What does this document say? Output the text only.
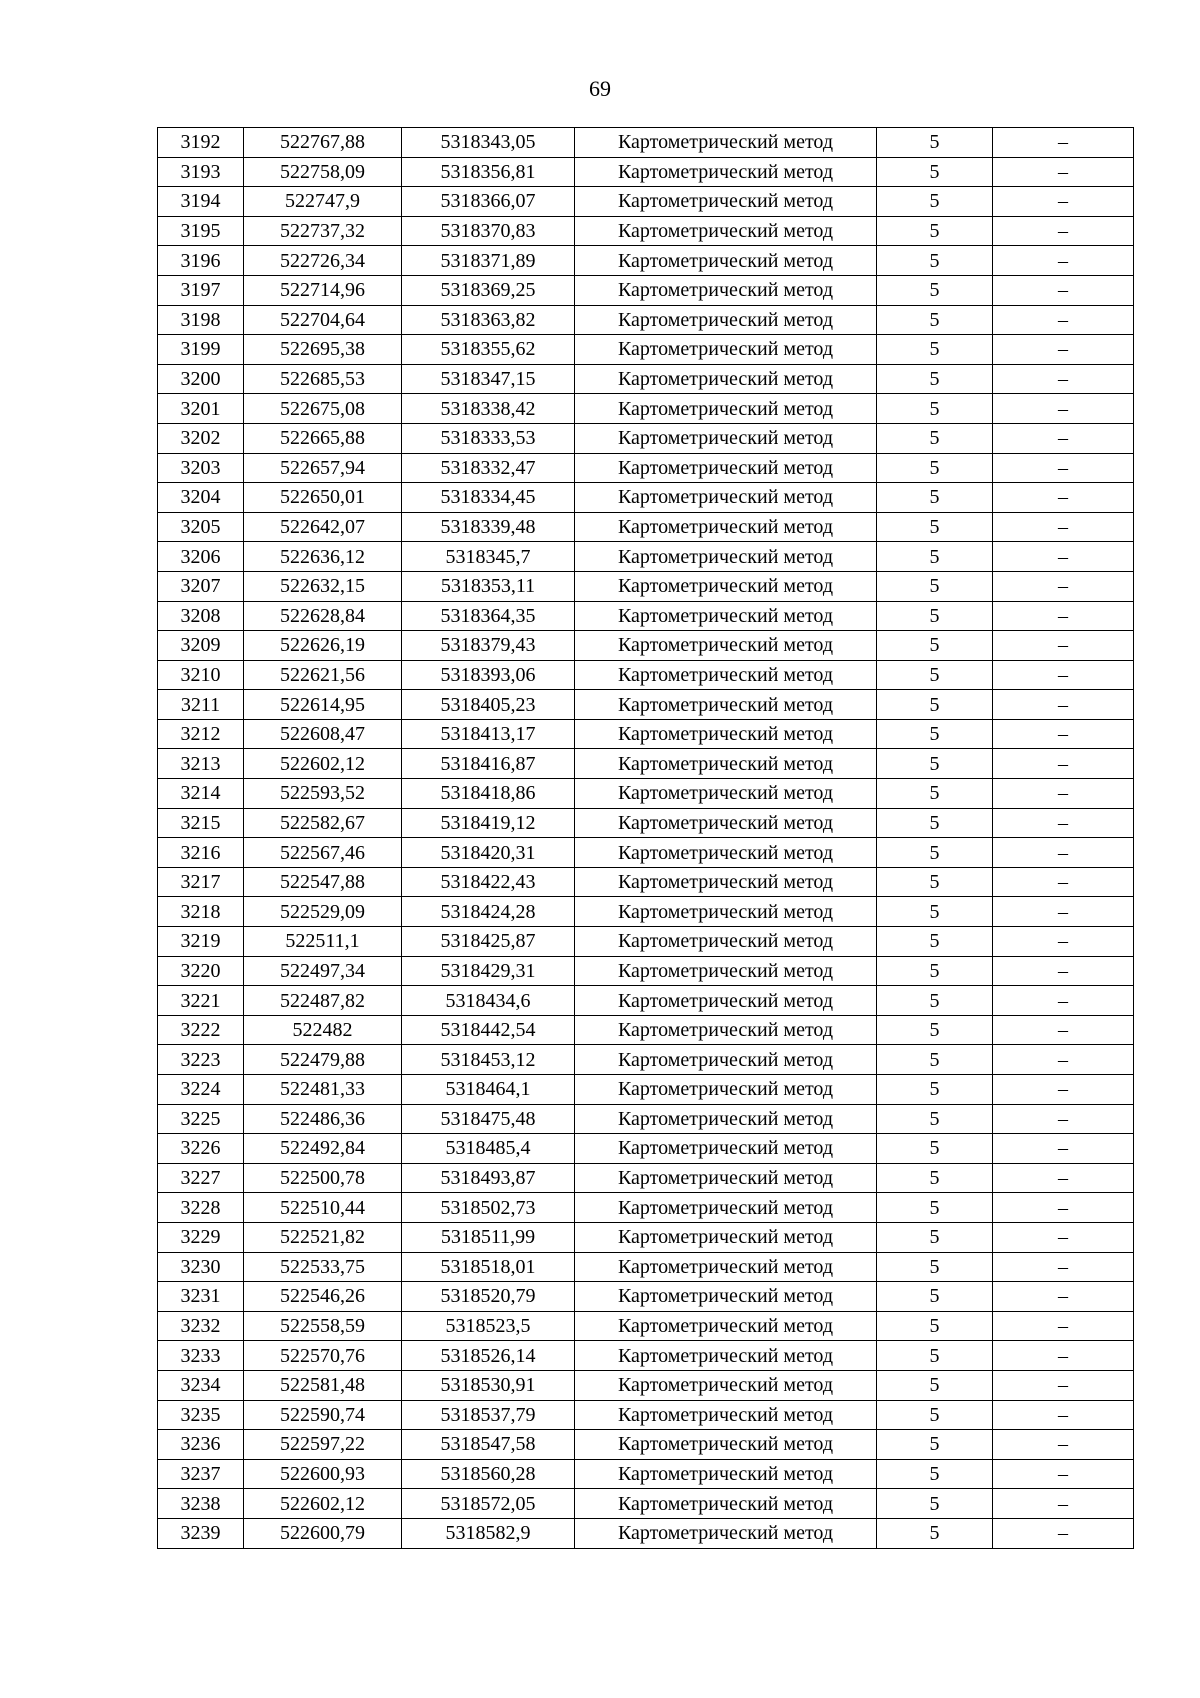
69
3192	522767,88	5318343,05	Картометрический метод	5	–
3193	522758,09	5318356,81	Картометрический метод	5	–
3194	522747,9	5318366,07	Картометрический метод	5	–
3195	522737,32	5318370,83	Картометрический метод	5	–
3196	522726,34	5318371,89	Картометрический метод	5	–
3197	522714,96	5318369,25	Картометрический метод	5	–
3198	522704,64	5318363,82	Картометрический метод	5	–
3199	522695,38	5318355,62	Картометрический метод	5	–
3200	522685,53	5318347,15	Картометрический метод	5	–
3201	522675,08	5318338,42	Картометрический метод	5	–
3202	522665,88	5318333,53	Картометрический метод	5	–
3203	522657,94	5318332,47	Картометрический метод	5	–
3204	522650,01	5318334,45	Картометрический метод	5	–
3205	522642,07	5318339,48	Картометрический метод	5	–
3206	522636,12	5318345,7	Картометрический метод	5	–
3207	522632,15	5318353,11	Картометрический метод	5	–
3208	522628,84	5318364,35	Картометрический метод	5	–
3209	522626,19	5318379,43	Картометрический метод	5	–
3210	522621,56	5318393,06	Картометрический метод	5	–
3211	522614,95	5318405,23	Картометрический метод	5	–
3212	522608,47	5318413,17	Картометрический метод	5	–
3213	522602,12	5318416,87	Картометрический метод	5	–
3214	522593,52	5318418,86	Картометрический метод	5	–
3215	522582,67	5318419,12	Картометрический метод	5	–
3216	522567,46	5318420,31	Картометрический метод	5	–
3217	522547,88	5318422,43	Картометрический метод	5	–
3218	522529,09	5318424,28	Картометрический метод	5	–
3219	522511,1	5318425,87	Картометрический метод	5	–
3220	522497,34	5318429,31	Картометрический метод	5	–
3221	522487,82	5318434,6	Картометрический метод	5	–
3222	522482	5318442,54	Картометрический метод	5	–
3223	522479,88	5318453,12	Картометрический метод	5	–
3224	522481,33	5318464,1	Картометрический метод	5	–
3225	522486,36	5318475,48	Картометрический метод	5	–
3226	522492,84	5318485,4	Картометрический метод	5	–
3227	522500,78	5318493,87	Картометрический метод	5	–
3228	522510,44	5318502,73	Картометрический метод	5	–
3229	522521,82	5318511,99	Картометрический метод	5	–
3230	522533,75	5318518,01	Картометрический метод	5	–
3231	522546,26	5318520,79	Картометрический метод	5	–
3232	522558,59	5318523,5	Картометрический метод	5	–
3233	522570,76	5318526,14	Картометрический метод	5	–
3234	522581,48	5318530,91	Картометрический метод	5	–
3235	522590,74	5318537,79	Картометрический метод	5	–
3236	522597,22	5318547,58	Картометрический метод	5	–
3237	522600,93	5318560,28	Картометрический метод	5	–
3238	522602,12	5318572,05	Картометрический метод	5	–
3239	522600,79	5318582,9	Картометрический метод	5	–
